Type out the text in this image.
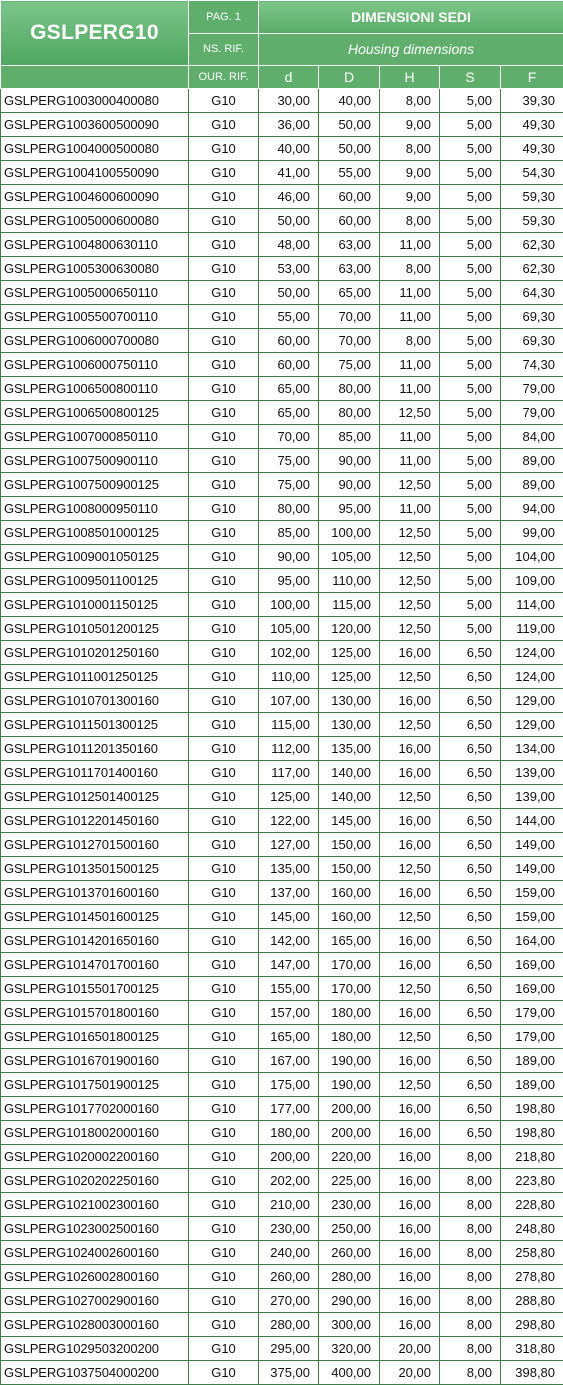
GSLPERG10	PAG. 1	DIMENSIONI SEDI				
	NS. RIF.	Housing dimensions				
	OUR. RIF.	d	D	H	S	F
GSLPERG1003000400080	G10	30,00	40,00	8,00	5,00	39,30
GSLPERG1003600500090	G10	36,00	50,00	9,00	5,00	49,30
GSLPERG1004000500080	G10	40,00	50,00	8,00	5,00	49,30
GSLPERG1004100550090	G10	41,00	55,00	9,00	5,00	54,30
GSLPERG1004600600090	G10	46,00	60,00	9,00	5,00	59,30
GSLPERG1005000600080	G10	50,00	60,00	8,00	5,00	59,30
GSLPERG1004800630110	G10	48,00	63,00	11,00	5,00	62,30
GSLPERG1005300630080	G10	53,00	63,00	8,00	5,00	62,30
GSLPERG1005000650110	G10	50,00	65,00	11,00	5,00	64,30
GSLPERG1005500700110	G10	55,00	70,00	11,00	5,00	69,30
GSLPERG1006000700080	G10	60,00	70,00	8,00	5,00	69,30
GSLPERG1006000750110	G10	60,00	75,00	11,00	5,00	74,30
GSLPERG1006500800110	G10	65,00	80,00	11,00	5,00	79,00
GSLPERG1006500800125	G10	65,00	80,00	12,50	5,00	79,00
GSLPERG1007000850110	G10	70,00	85,00	11,00	5,00	84,00
GSLPERG1007500900110	G10	75,00	90,00	11,00	5,00	89,00
GSLPERG1007500900125	G10	75,00	90,00	12,50	5,00	89,00
GSLPERG1008000950110	G10	80,00	95,00	11,00	5,00	94,00
GSLPERG1008501000125	G10	85,00	100,00	12,50	5,00	99,00
GSLPERG1009001050125	G10	90,00	105,00	12,50	5,00	104,00
GSLPERG1009501100125	G10	95,00	110,00	12,50	5,00	109,00
GSLPERG1010001150125	G10	100,00	115,00	12,50	5,00	114,00
GSLPERG1010501200125	G10	105,00	120,00	12,50	5,00	119,00
GSLPERG1010201250160	G10	102,00	125,00	16,00	6,50	124,00
GSLPERG1011001250125	G10	110,00	125,00	12,50	6,50	124,00
GSLPERG1010701300160	G10	107,00	130,00	16,00	6,50	129,00
GSLPERG1011501300125	G10	115,00	130,00	12,50	6,50	129,00
GSLPERG1011201350160	G10	112,00	135,00	16,00	6,50	134,00
GSLPERG1011701400160	G10	117,00	140,00	16,00	6,50	139,00
GSLPERG1012501400125	G10	125,00	140,00	12,50	6,50	139,00
GSLPERG1012201450160	G10	122,00	145,00	16,00	6,50	144,00
GSLPERG1012701500160	G10	127,00	150,00	16,00	6,50	149,00
GSLPERG1013501500125	G10	135,00	150,00	12,50	6,50	149,00
GSLPERG1013701600160	G10	137,00	160,00	16,00	6,50	159,00
GSLPERG1014501600125	G10	145,00	160,00	12,50	6,50	159,00
GSLPERG1014201650160	G10	142,00	165,00	16,00	6,50	164,00
GSLPERG1014701700160	G10	147,00	170,00	16,00	6,50	169,00
GSLPERG1015501700125	G10	155,00	170,00	12,50	6,50	169,00
GSLPERG1015701800160	G10	157,00	180,00	16,00	6,50	179,00
GSLPERG1016501800125	G10	165,00	180,00	12,50	6,50	179,00
GSLPERG1016701900160	G10	167,00	190,00	16,00	6,50	189,00
GSLPERG1017501900125	G10	175,00	190,00	12,50	6,50	189,00
GSLPERG1017702000160	G10	177,00	200,00	16,00	6,50	198,80
GSLPERG1018002000160	G10	180,00	200,00	16,00	6,50	198,80
GSLPERG1020002200160	G10	200,00	220,00	16,00	8,00	218,80
GSLPERG1020202250160	G10	202,00	225,00	16,00	8,00	223,80
GSLPERG1021002300160	G10	210,00	230,00	16,00	8,00	228,80
GSLPERG1023002500160	G10	230,00	250,00	16,00	8,00	248,80
GSLPERG1024002600160	G10	240,00	260,00	16,00	8,00	258,80
GSLPERG1026002800160	G10	260,00	280,00	16,00	8,00	278,80
GSLPERG1027002900160	G10	270,00	290,00	16,00	8,00	288,80
GSLPERG1028003000160	G10	280,00	300,00	16,00	8,00	298,80
GSLPERG1029503200200	G10	295,00	320,00	20,00	8,00	318,80
GSLPERG1037504000200	G10	375,00	400,00	20,00	8,00	398,80
